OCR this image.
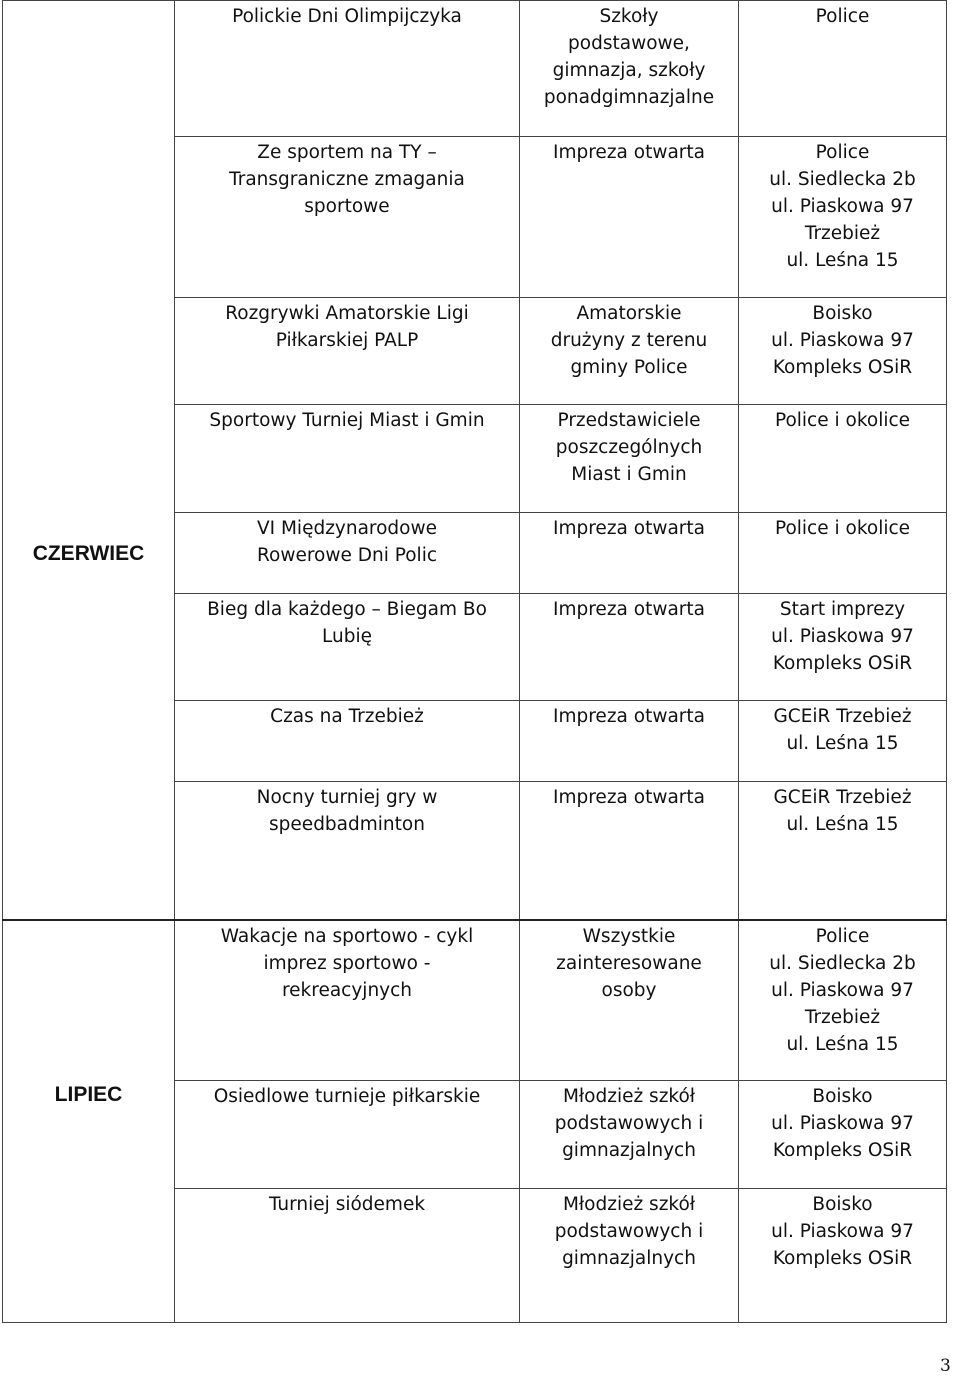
	Polickie Dni Olimpijczyka	Szkoły
podstawowe,
gimnazja, szkoły
ponadgimnazjalne	Police
	Ze sportem na TY –
Transgraniczne zmagania
sportowe	Impreza otwarta	Police
ul. Siedlecka 2b
ul. Piaskowa 97
Trzebież
ul. Leśna 15
	Rozgrywki Amatorskie Ligi
Piłkarskiej PALP	Amatorskie
drużyny z terenu
gminy Police	Boisko
ul. Piaskowa 97
Kompleks OSiR
	Sportowy Turniej Miast i Gmin	Przedstawiciele
poszczególnych
Miast i Gmin	Police i okolice
CZERWIEC	VI Międzynarodowe
Rowerowe Dni Polic	Impreza otwarta	Police i okolice
	Bieg dla każdego – Biegam Bo
Lubię	Impreza otwarta	Start imprezy
ul. Piaskowa 97
Kompleks OSiR
	Czas na Trzebież	Impreza otwarta	GCEiR Trzebież
ul. Leśna 15
	Nocny turniej gry w
speedbadminton	Impreza otwarta	GCEiR Trzebież
ul. Leśna 15
	Wakacje na sportowo - cykl
imprez sportowo -
rekreacyjnych	Wszystkie
zainteresowane
osoby	Police
ul. Siedlecka 2b
ul. Piaskowa 97
Trzebież
ul. Leśna 15
LIPIEC	Osiedlowe turnieje piłkarskie	Młodzież szkół
podstawowych i
gimnazjalnych	Boisko
ul. Piaskowa 97
Kompleks OSiR
	Turniej siódemek	Młodzież szkół
podstawowych i
gimnazjalnych	Boisko
ul. Piaskowa 97
Kompleks OSiR
3
